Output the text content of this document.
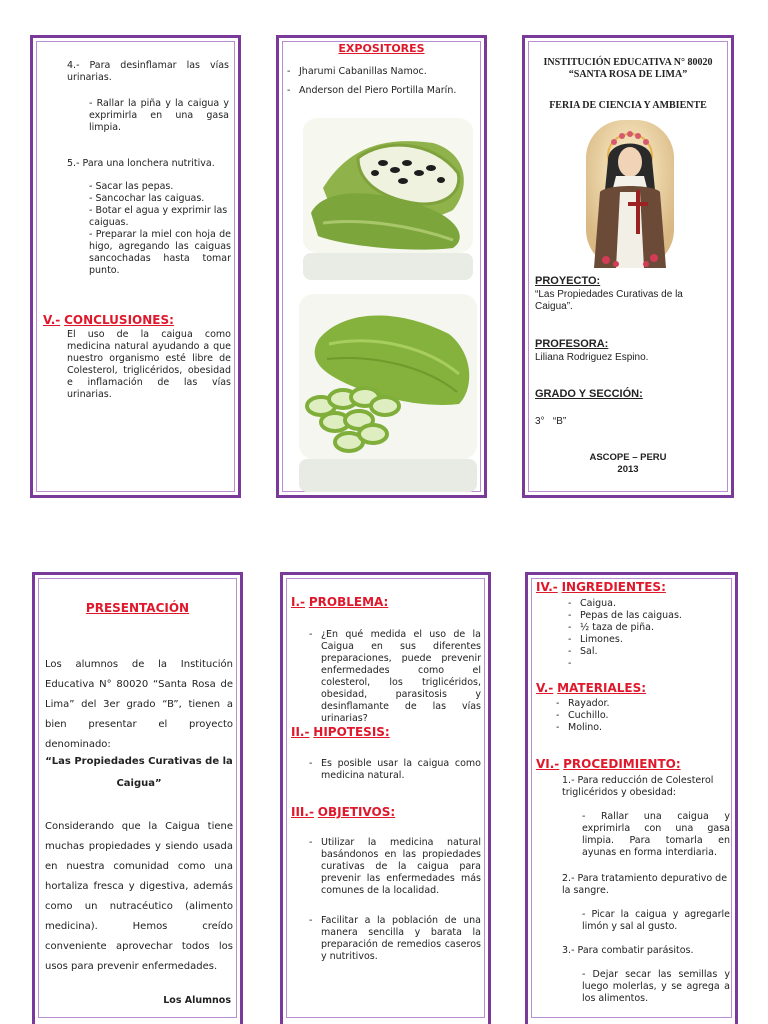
4.- Para desinflamar las vías urinarias.
- Rallar la piña y la caigua y exprimirla en una gasa limpia.
5.- Para una lonchera nutritiva.
- Sacar las pepas.
- Sancochar las caiguas.
- Botar el agua y exprimir las caiguas.
- Preparar la miel con hoja de higo, agregando las caiguas sancochadas hasta tomar punto.
V.- CONCLUSIONES:
El uso de la caigua como medicina natural ayudando a que nuestro organismo esté libre de Colesterol, triglicéridos, obesidad e inflamación de las vías urinarias.
EXPOSITORES
- Jharumi Cabanillas Namoc.
- Anderson del Piero Portilla Marín.
INSTITUCIÓN EDUCATIVA N° 80020
“SANTA ROSA DE LIMA”
FERIA DE CIENCIA Y AMBIENTE
PROYECTO:
“Las Propiedades Curativas de la Caigua”.
PROFESORA:
Liliana Rodriguez Espino.
GRADO Y SECCIÓN:
3°   “B”
ASCOPE – PERU
2013
PRESENTACIÓN
Los alumnos de la Institución Educativa N° 80020 “Santa Rosa de Lima” del 3er grado “B”, tienen a bien presentar el proyecto denominado:
“Las Propiedades Curativas de la Caigua”
Considerando que la Caigua tiene muchas propiedades y siendo usada en nuestra comunidad como una hortaliza fresca y digestiva, además como un nutracéutico (alimento medicina). Hemos creído conveniente aprovechar todos los usos para prevenir enfermedades.
Los Alumnos
I.- PROBLEMA:
- ¿En qué medida el uso de la Caigua en sus diferentes preparaciones, puede prevenir enfermedades como el colesterol, los triglicéridos, obesidad, parasitosis y desinflamante de las vías urinarias?
II.- HIPOTESIS:
- Es posible usar la caigua como medicina natural.
III.- OBJETIVOS:
- Utilizar la medicina natural basándonos en las propiedades curativas de la caigua para prevenir las enfermedades más comunes de la localidad.
- Facilitar a la población de una manera sencilla y barata la preparación de remedios caseros y nutritivos.
IV.- INGREDIENTES:
- Caigua.
- Pepas de las caiguas.
- ½ taza de piña.
- Limones.
- Sal.
-
V.- MATERIALES:
- Rayador.
- Cuchillo.
- Molino.
VI.- PROCEDIMIENTO:
1.- Para reducción de Colesterol triglicéridos y obesidad:
- Rallar una caigua y exprimirla con una gasa limpia. Para tomarla en ayunas en forma interdiaria.
2.- Para tratamiento depurativo de la sangre.
- Picar la caigua y agregarle limón y sal al gusto.
3.- Para combatir parásitos.
- Dejar secar las semillas y luego molerlas, y se agrega a los alimentos.
